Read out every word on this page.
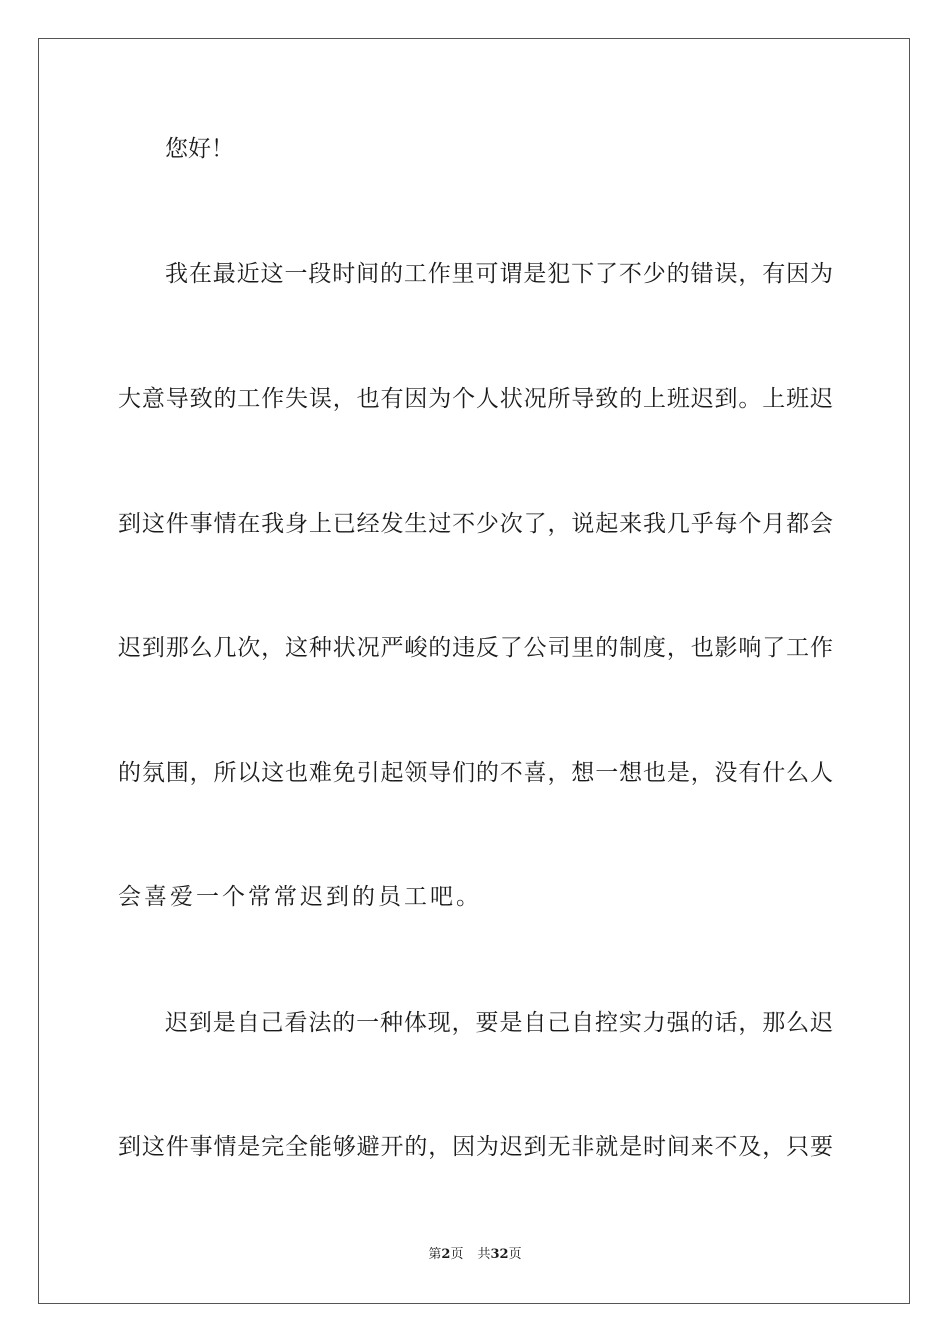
您好！
我在最近这一段时间的工作里可谓是犯下了不少的错误，有因为
大意导致的工作失误，也有因为个人状况所导致的上班迟到。上班迟
到这件事情在我身上已经发生过不少次了，说起来我几乎每个月都会
迟到那么几次，这种状况严峻的违反了公司里的制度，也影响了工作
的氛围，所以这也难免引起领导们的不喜，想一想也是，没有什么人
会喜爱一个常常迟到的员工吧。
迟到是自己看法的一种体现，要是自己自控实力强的话，那么迟
到这件事情是完全能够避开的，因为迟到无非就是时间来不及，只要
第2页 共32页
